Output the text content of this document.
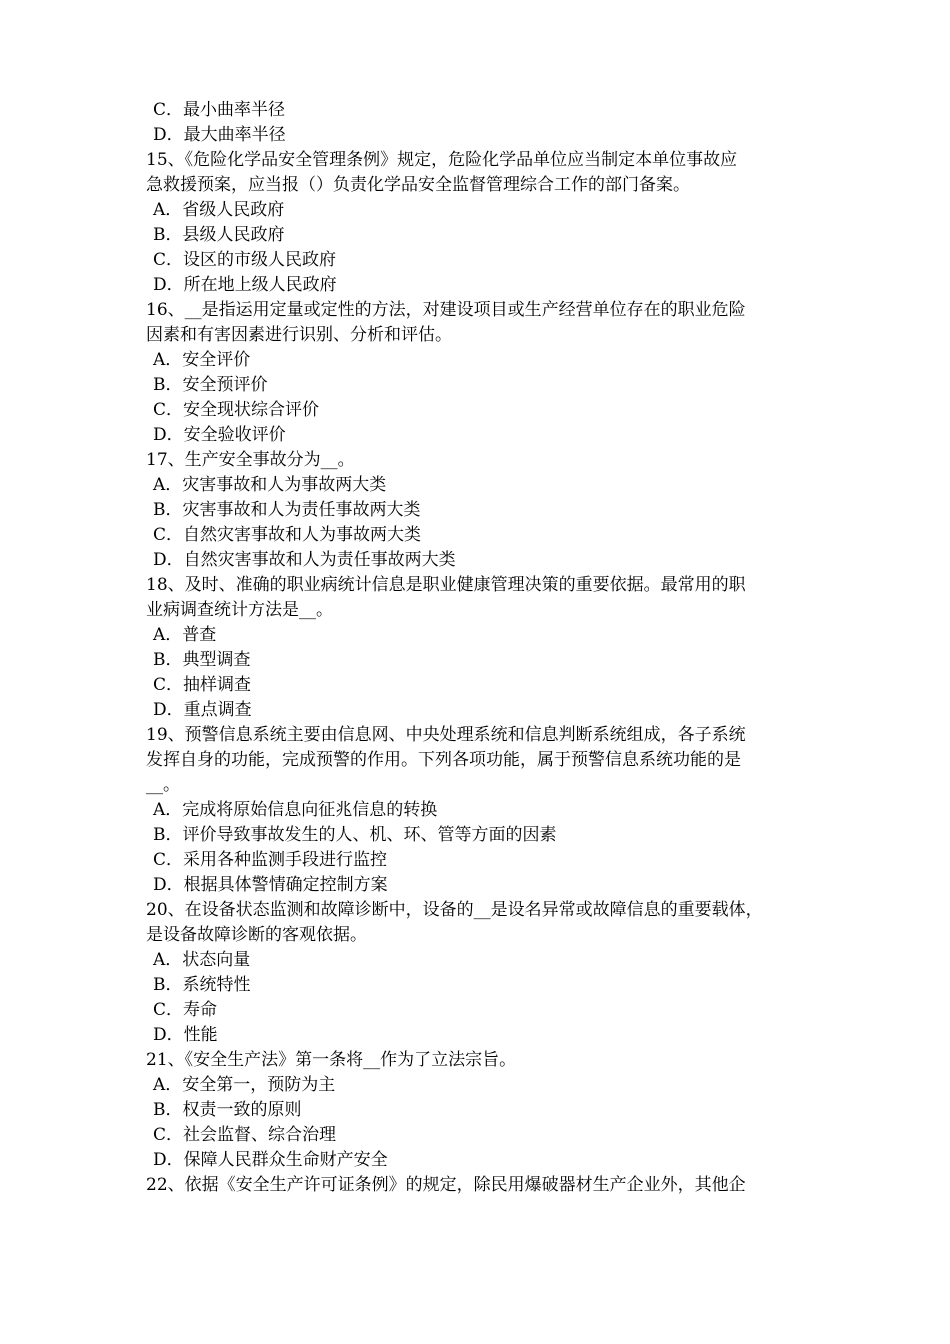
C．最小曲率半径
D．最大曲率半径
15、《危险化学品安全管理条例》规定，危险化学品单位应当制定本单位事故应
急救援预案，应当报（）负责化学品安全监督管理综合工作的部门备案。
A．省级人民政府
B．县级人民政府
C．设区的市级人民政府
D．所在地上级人民政府
16、__是指运用定量或定性的方法，对建设项目或生产经营单位存在的职业危险
因素和有害因素进行识别、分析和评估。
A．安全评价
B．安全预评价
C．安全现状综合评价
D．安全验收评价
17、生产安全事故分为__。
A．灾害事故和人为事故两大类
B．灾害事故和人为责任事故两大类
C．自然灾害事故和人为事故两大类
D．自然灾害事故和人为责任事故两大类
18、及时、准确的职业病统计信息是职业健康管理决策的重要依据。最常用的职
业病调查统计方法是__。
A．普查
B．典型调查
C．抽样调查
D．重点调查
19、预警信息系统主要由信息网、中央处理系统和信息判断系统组成，各子系统
发挥自身的功能，完成预警的作用。下列各项功能，属于预警信息系统功能的是
__。
A．完成将原始信息向征兆信息的转换
B．评价导致事故发生的人、机、环、管等方面的因素
C．采用各种监测手段进行监控
D．根据具体警情确定控制方案
20、在设备状态监测和故障诊断中，设备的__是设名异常或故障信息的重要载体，
是设备故障诊断的客观依据。
A．状态向量
B．系统特性
C．寿命
D．性能
21、《安全生产法》第一条将__作为了立法宗旨。
A．安全第一，预防为主
B．权责一致的原则
C．社会监督、综合治理
D．保障人民群众生命财产安全
22、依据《安全生产许可证条例》的规定，除民用爆破器材生产企业外，其他企
